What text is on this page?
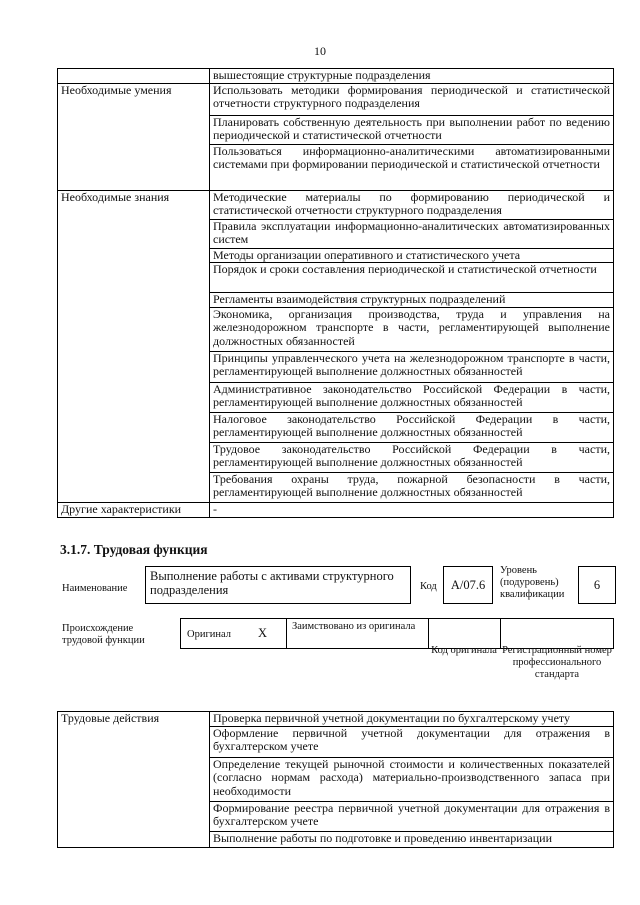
10
	вышестоящие структурные подразделения
Необходимые умения	Использовать методики формирования периодической и статистической отчетности структурного подразделения
	Планировать собственную деятельность при выполнении работ по ведению периодической и статистической отчетности
	Пользоваться информационно-аналитическими автоматизированными системами при формировании периодической и статистической отчетности
Необходимые знания	Методические материалы по формированию периодической и статистической отчетности структурного подразделения
	Правила эксплуатации информационно-аналитических автоматизированных систем
	Методы организации оперативного и статистического учета
	Порядок и сроки составления периодической и статистической отчетности
	Регламенты взаимодействия структурных подразделений
	Экономика, организация производства, труда и управления на железнодорожном транспорте в части, регламентирующей выполнение должностных обязанностей
	Принципы управленческого учета на железнодорожном транспорте в части, регламентирующей выполнение должностных обязанностей
	Административное законодательство Российской Федерации в части, регламентирующей выполнение должностных обязанностей
	Налоговое законодательство Российской Федерации в части, регламентирующей выполнение должностных обязанностей
	Трудовое законодательство Российской Федерации в части, регламентирующей выполнение должностных обязанностей
	Требования охраны труда, пожарной безопасности в части, регламентирующей выполнение должностных обязанностей
Другие характеристики	-
3.1.7. Трудовая функция
Наименование
Выполнение работы с активами структурного подразделения	Код	А/07.6
Уровень (подуровень) квалификации
6
Происхождение трудовой функции
Оригинал X Заимствовано из оригинала
Код оригинала Регистрационный номер профессионального стандарта
Трудовые действия	Проверка первичной учетной документации по бухгалтерскому учету
Оформление первичной учетной документации для отражения в бухгалтерском учете
Определение текущей рыночной стоимости и количественных показателей (согласно нормам расхода) материально-производственного запаса при необходимости
Формирование реестра первичной учетной документации для отражения в бухгалтерском учете
Выполнение работы по подготовке и проведению инвентаризации
